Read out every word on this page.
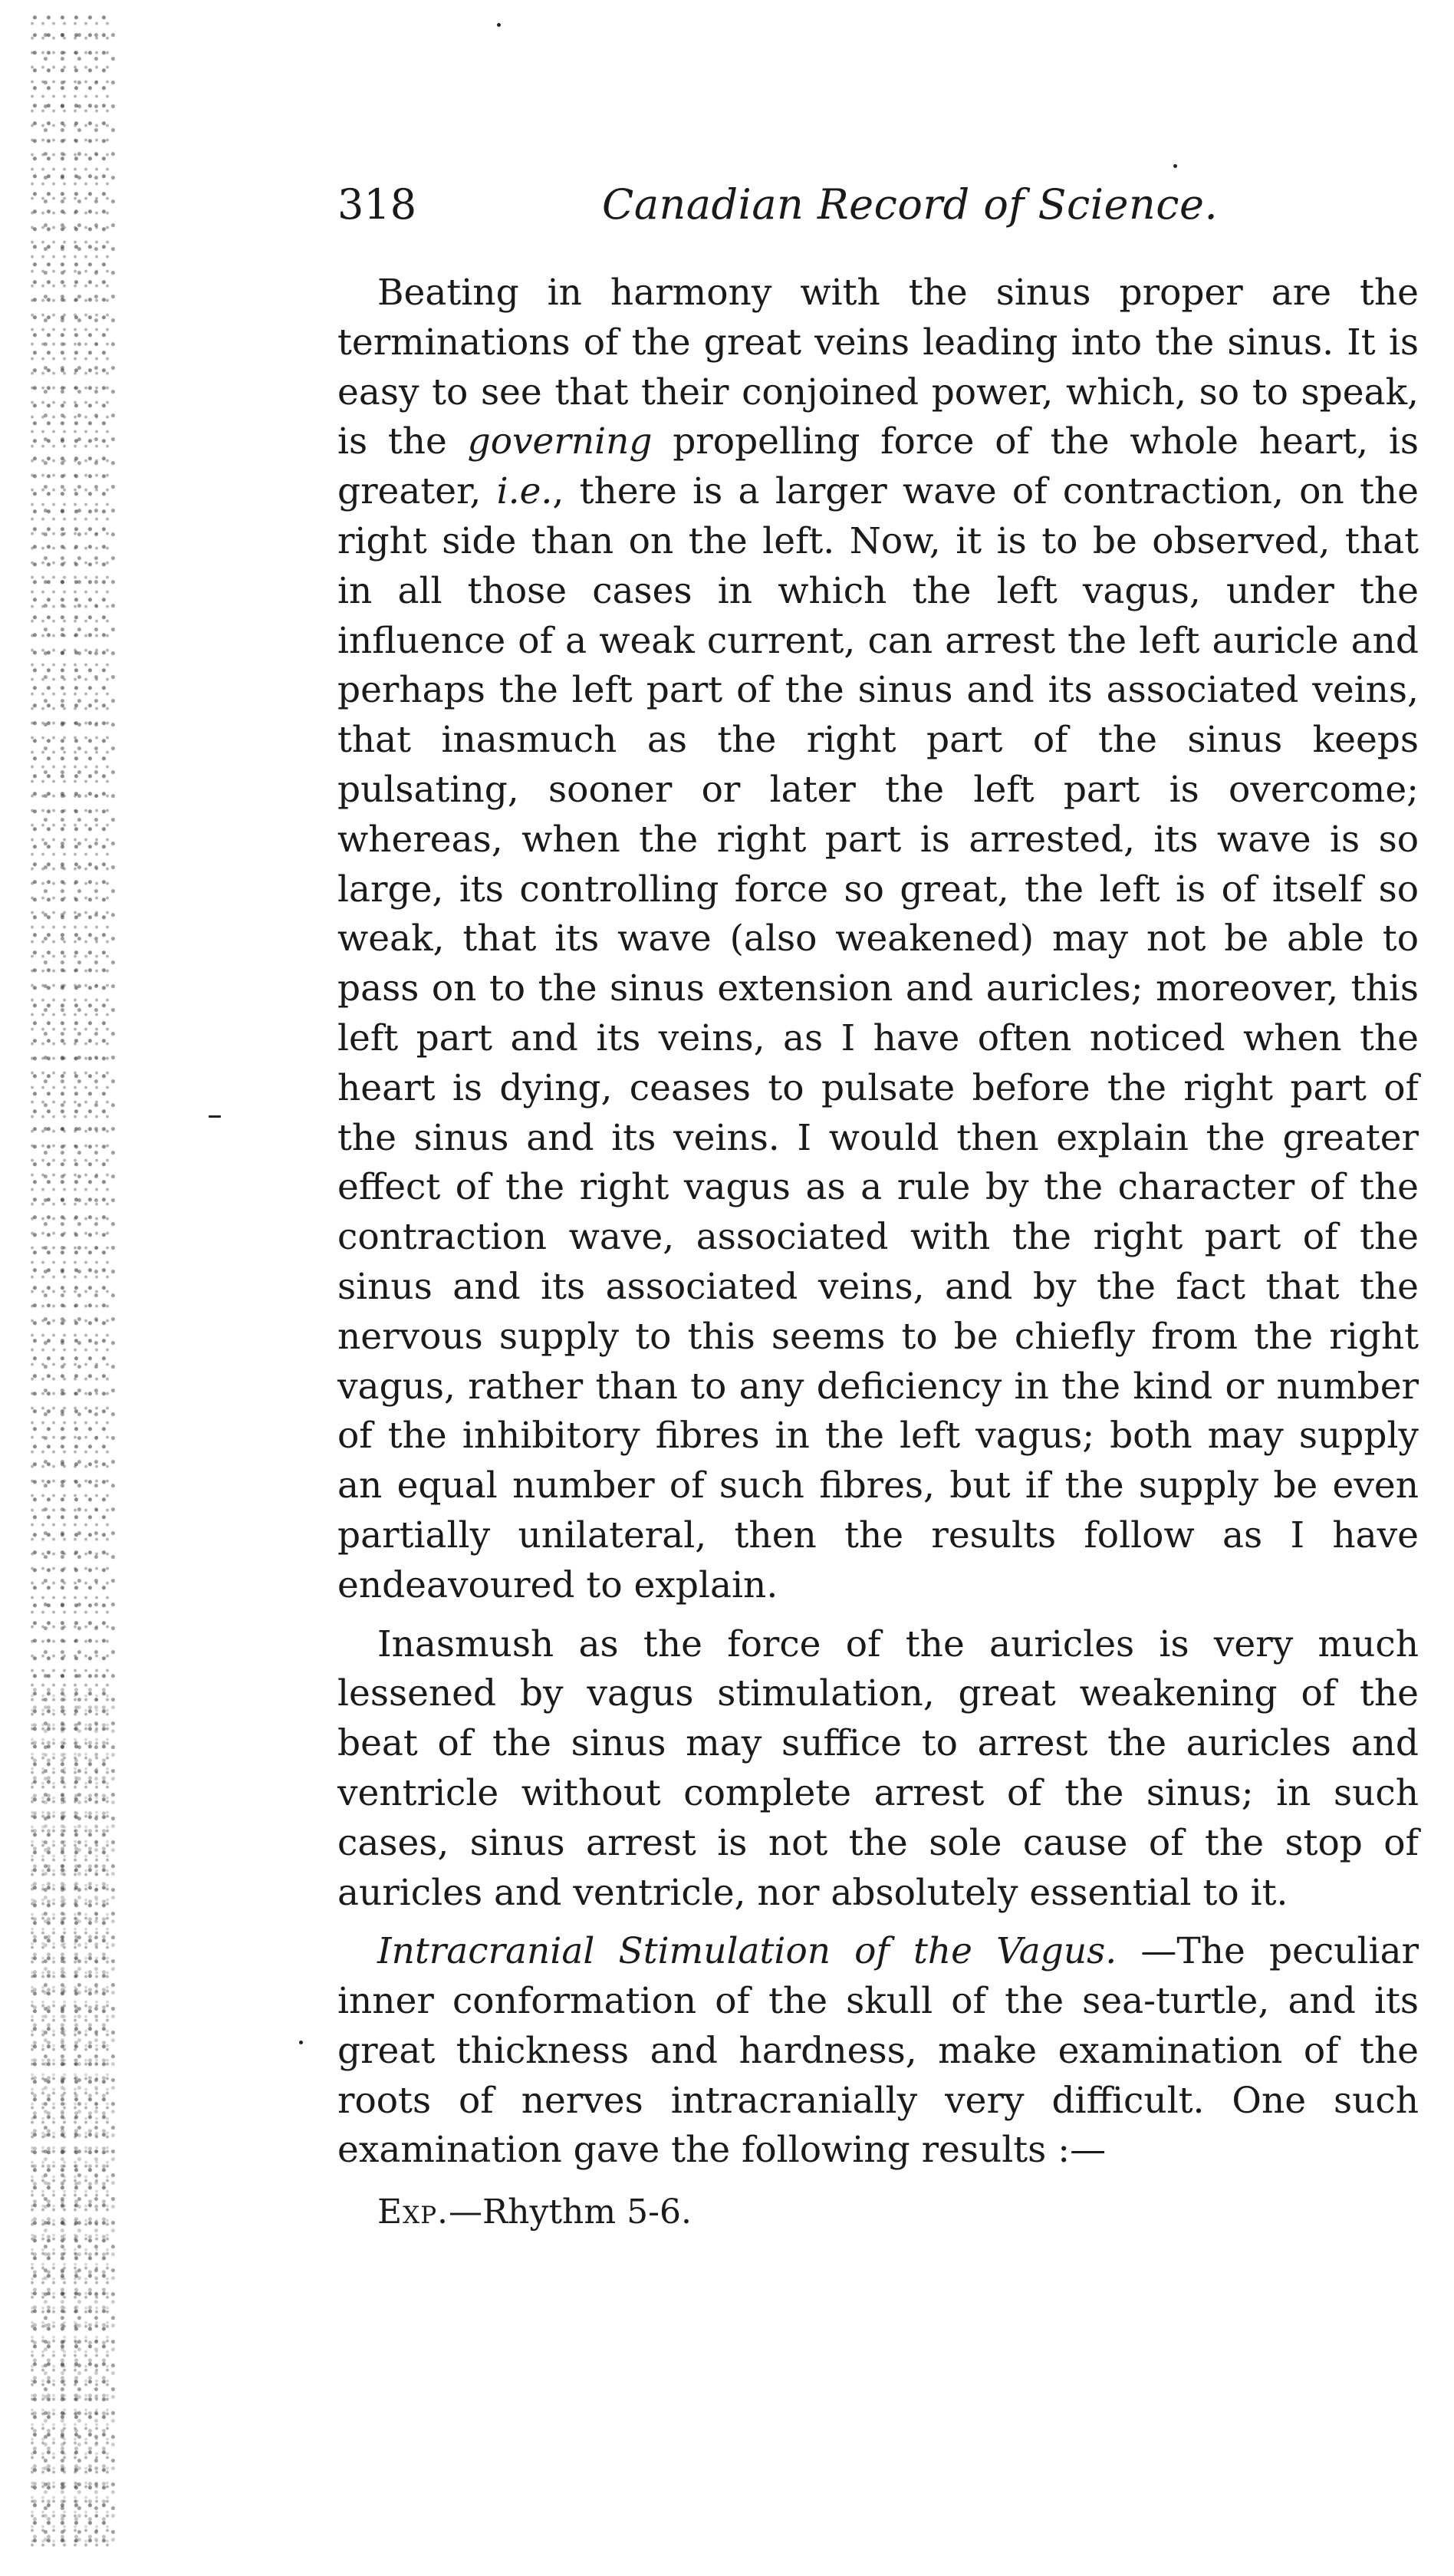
318	Canadian Record of Science.

Beating in harmony with the sinus proper are the terminations of the great veins leading into the sinus. It is easy to see that their conjoined power, which, so to speak, is the governing propelling force of the whole heart, is greater, i.e., there is a larger wave of contraction, on the right side than on the left. Now, it is to be observed, that in all those cases in which the left vagus, under the influence of a weak current, can arrest the left auricle and perhaps the left part of the sinus and its associated veins, that inasmuch as the right part of the sinus keeps pulsating, sooner or later the left part is overcome; whereas, when the right part is arrested, its wave is so large, its controlling force so great, the left is of itself so weak, that its wave (also weakened) may not be able to pass on to the sinus extension and auricles; moreover, this left part and its veins, as I have often noticed when the heart is dying, ceases to pulsate before the right part of the sinus and its veins. I would then explain the greater effect of the right vagus as a rule by the character of the contraction wave, associated with the right part of the sinus and its associated veins, and by the fact that the nervous supply to this seems to be chiefly from the right vagus, rather than to any deficiency in the kind or number of the inhibitory fibres in the left vagus; both may supply an equal number of such fibres, but if the supply be even partially unilateral, then the results follow as I have endeavoured to explain.

Inasmush as the force of the auricles is very much lessened by vagus stimulation, great weakening of the beat of the sinus may suffice to arrest the auricles and ventricle without complete arrest of the sinus; in such cases, sinus arrest is not the sole cause of the stop of auricles and ventricle, nor absolutely essential to it.

Intracranial Stimulation of the Vagus. —The peculiar inner conformation of the skull of the sea-turtle, and its great thickness and hardness, make examination of the roots of nerves intracranially very difficult. One such examination gave the following results :—

Exp.—Rhythm 5-6.
